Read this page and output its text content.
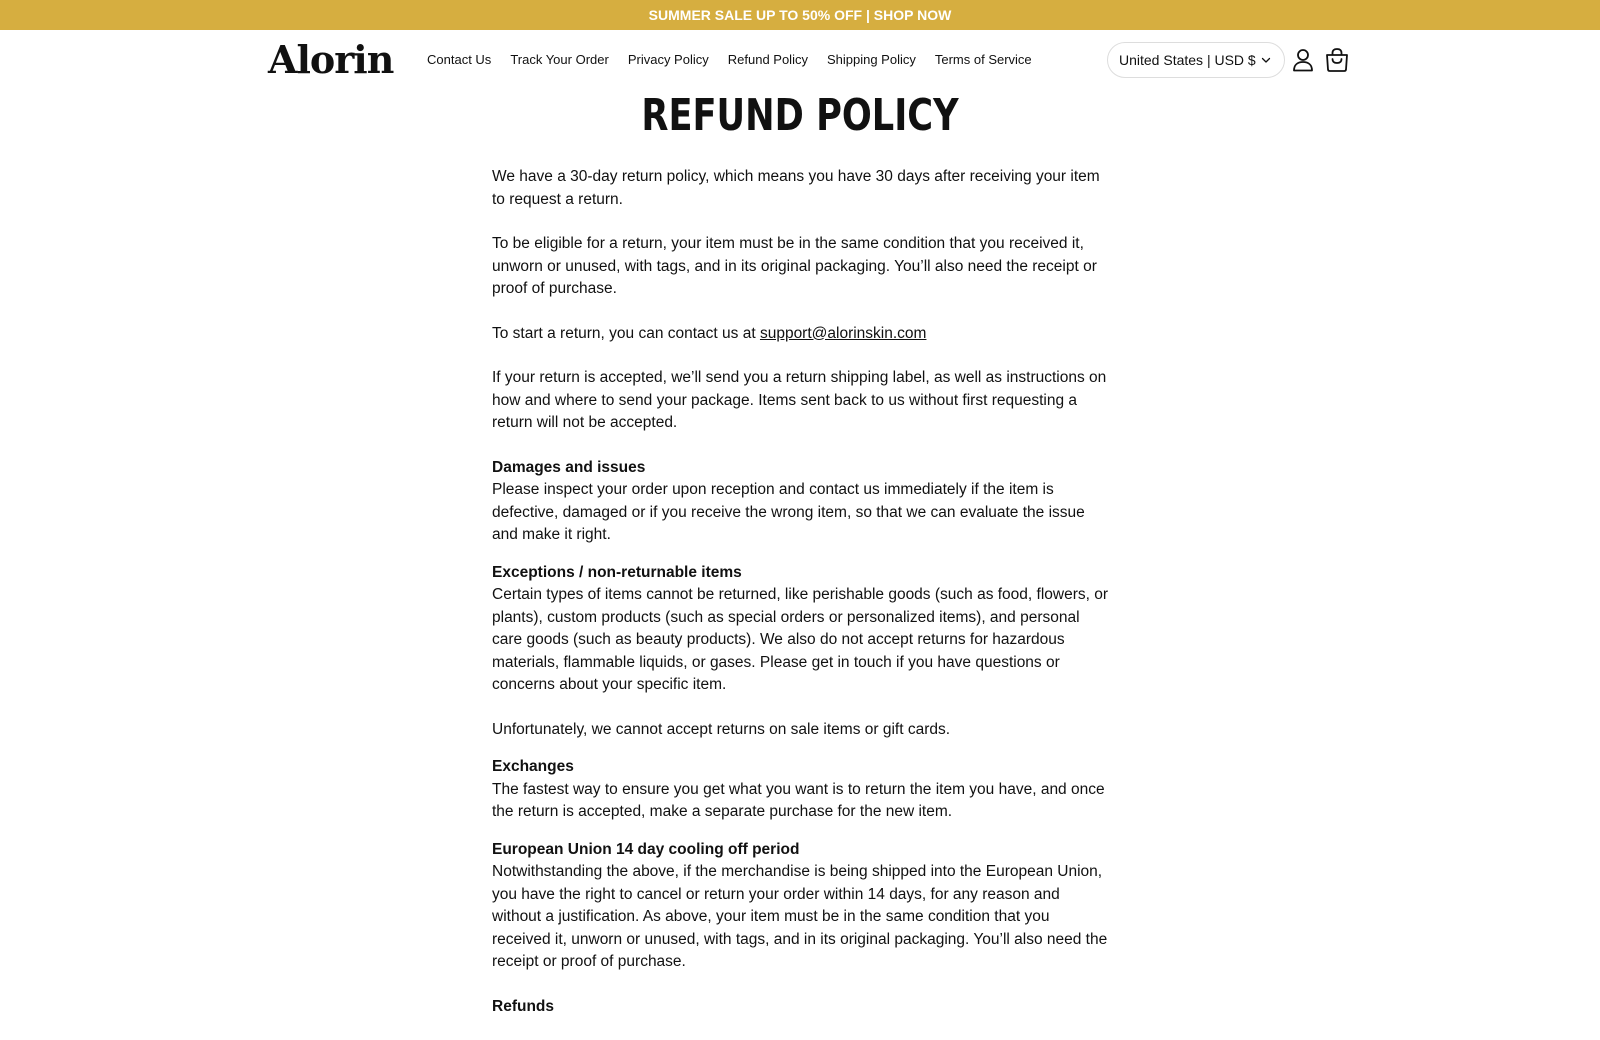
SUMMER SALE UP TO 50% OFF | SHOP NOW
Alorin	Contact Us Track Your Order Privacy Policy Refund Policy Shipping Policy Terms of Service	United States | USD $
REFUND POLICY

We have a 30-day return policy, which means you have 30 days after receiving your item to request a return.

To be eligible for a return, your item must be in the same condition that you received it, unworn or unused, with tags, and in its original packaging. You’ll also need the receipt or proof of purchase.

To start a return, you can contact us at support@alorinskin.com

If your return is accepted, we’ll send you a return shipping label, as well as instructions on how and where to send your package. Items sent back to us without first requesting a return will not be accepted.

Damages and issues
Please inspect your order upon reception and contact us immediately if the item is defective, damaged or if you receive the wrong item, so that we can evaluate the issue and make it right.

Exceptions / non-returnable items
Certain types of items cannot be returned, like perishable goods (such as food, flowers, or plants), custom products (such as special orders or personalized items), and personal care goods (such as beauty products). We also do not accept returns for hazardous materials, flammable liquids, or gases. Please get in touch if you have questions or concerns about your specific item.

Unfortunately, we cannot accept returns on sale items or gift cards.

Exchanges
The fastest way to ensure you get what you want is to return the item you have, and once the return is accepted, make a separate purchase for the new item.

European Union 14 day cooling off period
Notwithstanding the above, if the merchandise is being shipped into the European Union, you have the right to cancel or return your order within 14 days, for any reason and without a justification. As above, your item must be in the same condition that you received it, unworn or unused, with tags, and in its original packaging. You’ll also need the receipt or proof of purchase.

Refunds
